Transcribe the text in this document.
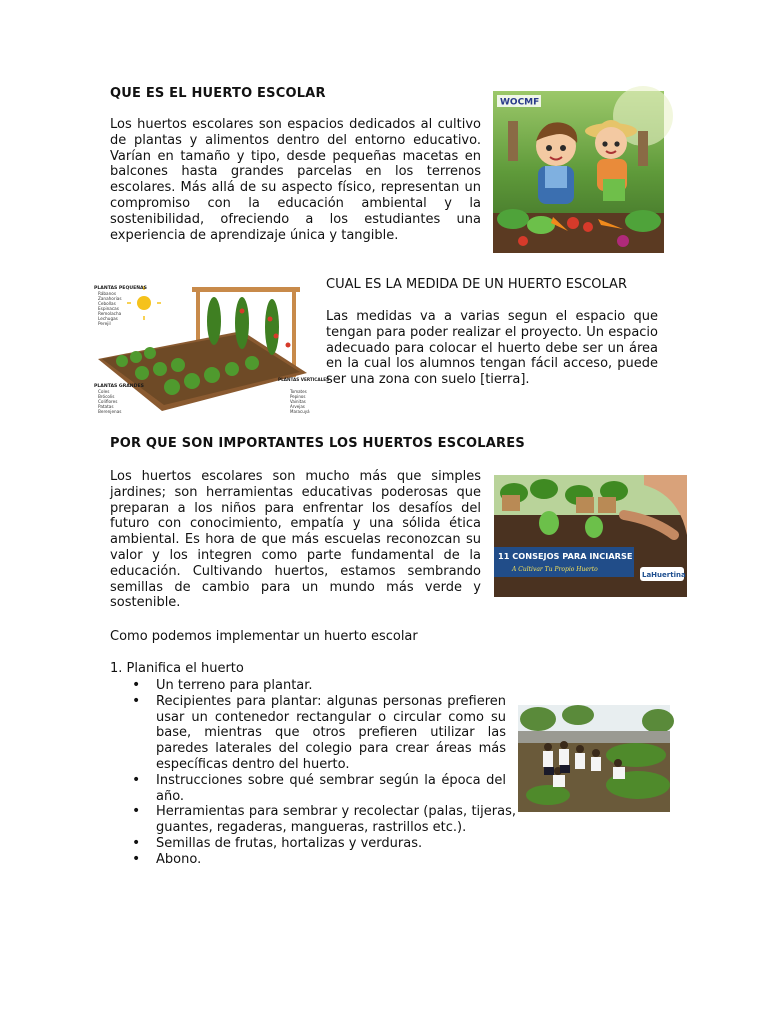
QUE ES EL HUERTO ESCOLAR

Los huertos escolares son espacios dedicados al cultivo de plantas y alimentos dentro del entorno educativo. Varían en tamaño y tipo, desde pequeñas macetas en balcones hasta grandes parcelas en los terrenos escolares. Más allá de su aspecto físico, representan un compromiso con la educación ambiental y la sostenibilidad, ofreciendo a los estudiantes una experiencia de aprendizaje única y tangible.

WOCMF
PLANTAS PEQUEÑAS
Rábanos
Zanahorias
Cebollas
Espinacas
Remolacha
Lechugas
Perejil
PLANTAS GRANDES
Coles
Brócolis
Coliflores
Patatas
Berenjenas
PLANTAS VERTICALES
Tomates
Pepinos
Vainitas
Arvejas
Maracuyá
CUAL ES LA MEDIDA DE UN HUERTO ESCOLAR

Las medidas va a varias segun el espacio que tengan para poder realizar el proyecto. Un espacio adecuado para colocar el huerto debe ser un área en la cual los alumnos tengan fácil acceso, puede ser una zona con suelo [tierra].

POR QUE SON IMPORTANTES LOS HUERTOS ESCOLARES

Los huertos escolares son mucho más que simples jardines; son herramientas educativas poderosas que preparan a los niños para enfrentar los desafíos del futuro con conocimiento, empatía y una sólida ética ambiental. Es hora de que más escuelas reconozcan su valor y los integren como parte fundamental de la educación. Cultivando huertos, estamos sembrando semillas de cambio para un mundo más verde y sostenible.

11 CONSEJOS PARA INCIARSE
A Cultivar Tu Propio Huerto
LaHuertina
Como podemos implementar un huerto escolar
1. Planifica el huerto
• Un terreno para plantar.
• Recipientes para plantar: algunas personas prefieren usar un contenedor rectangular o circular como su base, mientras que otros prefieren utilizar las paredes laterales del colegio para crear áreas más específicas dentro del huerto.
• Instrucciones sobre qué sembrar según la época del año.
• Herramientas para sembrar y recolectar (palas, tijeras, guantes, regaderas, mangueras, rastrillos etc.).
• Semillas de frutas, hortalizas y verduras.
• Abono.
